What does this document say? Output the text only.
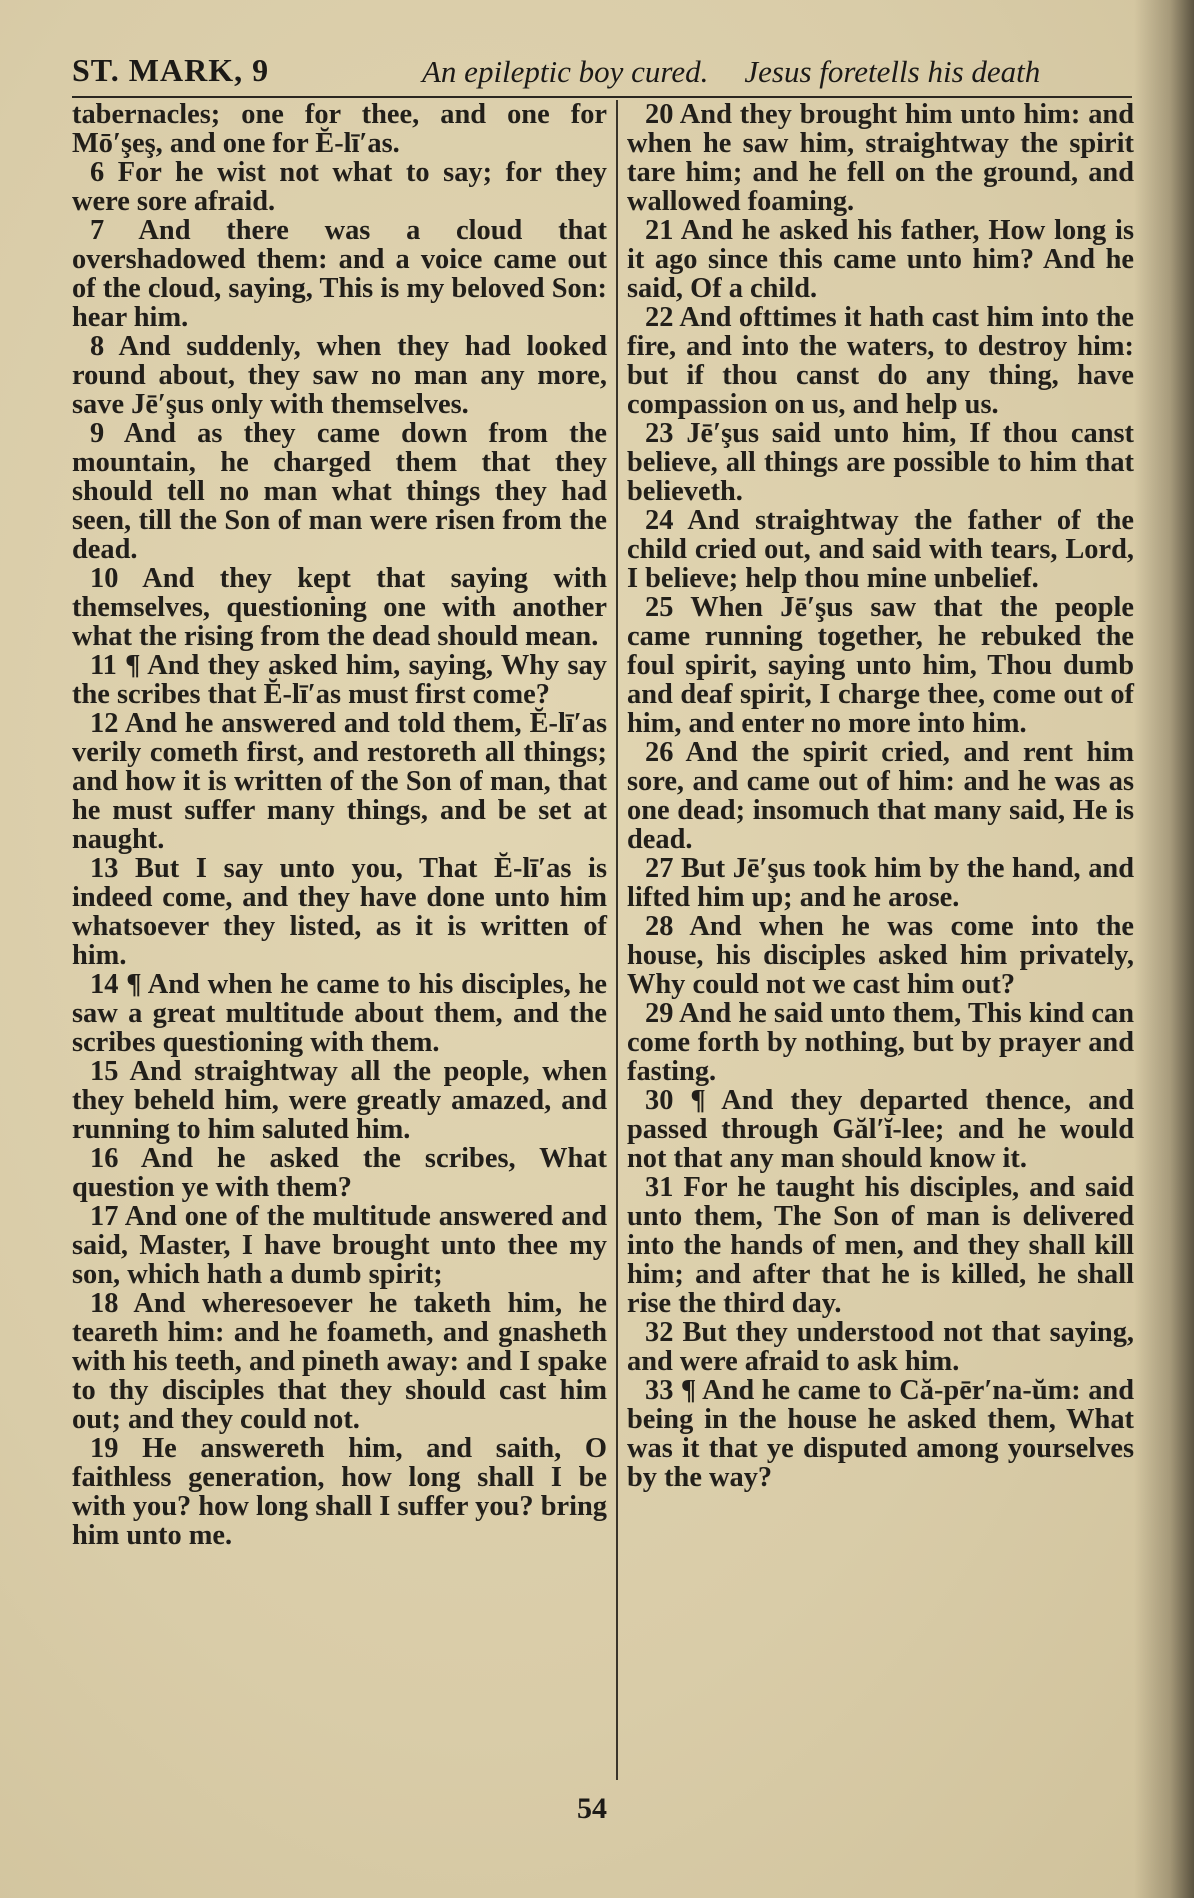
ST. MARK, 9	An epileptic boy cured. Jesus foretells his death

tabernacles; one for thee, and one for Mō′şeş, and one for Ĕ-lī′as.

6 For he wist not what to say; for they were sore afraid.

7 And there was a cloud that overshadowed them: and a voice came out of the cloud, saying, This is my beloved Son: hear him.

8 And suddenly, when they had looked round about, they saw no man any more, save Jē′şus only with themselves.

9 And as they came down from the mountain, he charged them that they should tell no man what things they had seen, till the Son of man were risen from the dead.

10 And they kept that saying with themselves, questioning one with another what the rising from the dead should mean.

11 ¶ And they asked him, saying, Why say the scribes that Ĕ-lī′as must first come?

12 And he answered and told them, Ĕ-lī′as verily cometh first, and restoreth all things; and how it is written of the Son of man, that he must suffer many things, and be set at naught.

13 But I say unto you, That Ĕ-lī′as is indeed come, and they have done unto him whatsoever they listed, as it is written of him.

14 ¶ And when he came to his disciples, he saw a great multitude about them, and the scribes questioning with them.

15 And straightway all the people, when they beheld him, were greatly amazed, and running to him saluted him.

16 And he asked the scribes, What question ye with them?

17 And one of the multitude answered and said, Master, I have brought unto thee my son, which hath a dumb spirit;

18 And wheresoever he taketh him, he teareth him: and he foameth, and gnasheth with his teeth, and pineth away: and I spake to thy disciples that they should cast him out; and they could not.

19 He answereth him, and saith, O faithless generation, how long shall I be with you? how long shall I suffer you? bring him unto me.

20 And they brought him unto him: and when he saw him, straightway the spirit tare him; and he fell on the ground, and wallowed foaming.

21 And he asked his father, How long is it ago since this came unto him? And he said, Of a child.

22 And ofttimes it hath cast him into the fire, and into the waters, to destroy him: but if thou canst do any thing, have compassion on us, and help us.

23 Jē′şus said unto him, If thou canst believe, all things are possible to him that believeth.

24 And straightway the father of the child cried out, and said with tears, Lord, I believe; help thou mine unbelief.

25 When Jē′şus saw that the people came running together, he rebuked the foul spirit, saying unto him, Thou dumb and deaf spirit, I charge thee, come out of him, and enter no more into him.

26 And the spirit cried, and rent him sore, and came out of him: and he was as one dead; insomuch that many said, He is dead.

27 But Jē′şus took him by the hand, and lifted him up; and he arose.

28 And when he was come into the house, his disciples asked him privately, Why could not we cast him out?

29 And he said unto them, This kind can come forth by nothing, but by prayer and fasting.

30 ¶ And they departed thence, and passed through Găl′ĭ-lee; and he would not that any man should know it.

31 For he taught his disciples, and said unto them, The Son of man is delivered into the hands of men, and they shall kill him; and after that he is killed, he shall rise the third day.

32 But they understood not that saying, and were afraid to ask him.

33 ¶ And he came to Că-pēr′na-ŭm: and being in the house he asked them, What was it that ye disputed among yourselves by the way?

54
